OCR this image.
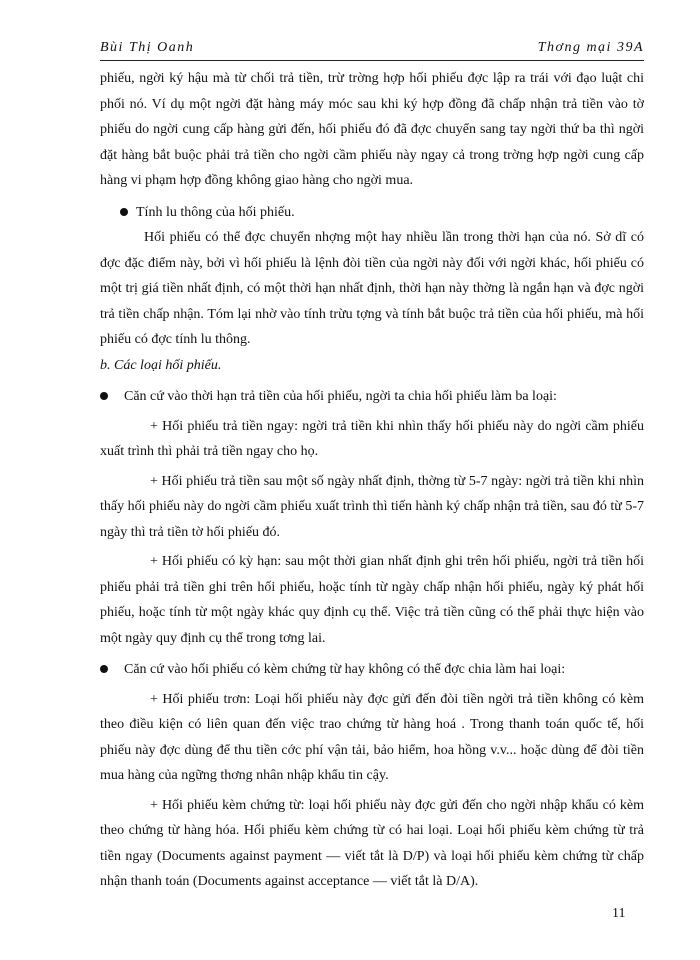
Bùi Thị Oanh	Thơng mại 39A

phiếu, ngời ký hậu mà từ chối trả tiền, trừ trờng hợp hối phiếu đợc lập ra trái với đạo luật chi phối nó. Ví dụ một ngời đặt hàng máy móc sau khi ký hợp đồng đã chấp nhận trả tiền vào tờ phiếu do ngời cung cấp hàng gửi đến, hối phiếu đó đã đợc chuyển sang tay ngời thứ ba thì ngời đặt hàng bắt buộc phải trả tiền cho ngời cầm phiếu này ngay cả trong trờng hợp ngời cung cấp hàng vi phạm hợp đồng không giao hàng cho ngời mua.

Tính lu thông của hối phiếu.

Hối phiếu có thể đợc chuyển nhợng một hay nhiều lần trong thời hạn của nó. Sở dĩ có đợc đặc điểm này, bởi vì hối phiếu là lệnh đòi tiền của ngời này đối với ngời khác, hối phiếu có một trị giá tiền nhất định, có một thời hạn nhất định, thời hạn này thờng là ngắn hạn và đợc ngời trả tiền chấp nhận. Tóm lại nhờ vào tính trừu tợng và tính bắt buộc trả tiền của hối phiếu, mà hối phiếu có đợc tính lu thông.

b. Các loại hối phiếu.

Căn cứ vào thời hạn trả tiền của hối phiếu, ngời ta chia hối phiếu làm ba loại:

+ Hối phiếu trả tiền ngay: ngời trả tiền khi nhìn thấy hối phiếu này do ngời cầm phiếu xuất trình thì phải trả tiền ngay cho họ.

+ Hối phiếu trả tiền sau một số ngày nhất định, thờng từ 5-7 ngày: ngời trả tiền khi nhìn thấy hối phiếu này do ngời cầm phiếu xuất trình thì tiến hành ký chấp nhận trả tiền, sau đó từ 5-7 ngày thì trả tiền tờ hối phiếu đó.

+ Hối phiếu có kỳ hạn: sau một thời gian nhất định ghi trên hối phiếu, ngời trả tiền hối phiếu phải trả tiền ghi trên hối phiếu, hoặc tính từ ngày chấp nhận hối phiếu, ngày ký phát hối phiếu, hoặc tính từ một ngày khác quy định cụ thể. Việc trả tiền cũng có thể phải thực hiện vào một ngày quy định cụ thể trong tơng lai.

Căn cứ vào hối phiếu có kèm chứng từ hay không có thể đợc chia làm hai loại:

+ Hối phiếu trơn: Loại hối phiếu này đợc gửi đến đòi tiền ngời trả tiền không có kèm theo điều kiện có liên quan đến việc trao chứng từ hàng hoá . Trong thanh toán quốc tế, hối phiếu này đợc dùng để thu tiền cớc phí vận tải, bảo hiểm, hoa hồng v.v... hoặc dùng để đòi tiền mua hàng của ngững thơng nhân nhập khẩu tin cậy.

+ Hối phiếu kèm chứng từ: loại hối phiếu này đợc gửi đến cho ngời nhập khẩu có kèm theo chứng từ hàng hóa. Hối phiếu kèm chứng từ có hai loại. Loại hối phiếu kèm chứng từ trả tiền ngay (Documents against payment — viết tắt là D/P) và loại hối phiếu kèm chứng từ chấp nhận thanh toán (Documents against acceptance — viết tắt là D/A).

11
